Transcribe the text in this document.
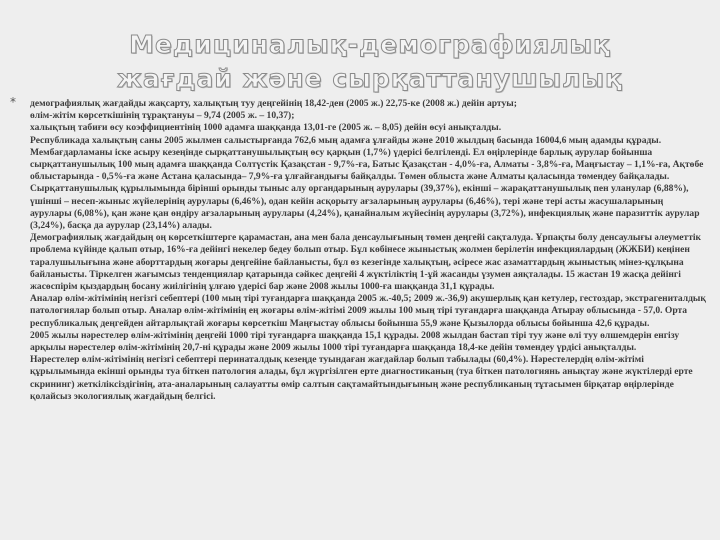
Медициналық-демографиялық
жағдай және сырқаттанушылық
* демографиялық жағдайды жақсарту, халықтың туу деңгейінің 18,42-ден (2005 ж.) 22,75-ке (2008 ж.) дейін артуы;

өлім-жітім көрсеткішінің тұрақтануы – 9,74 (2005 ж. – 10,37);

халықтың табиғи өсу коэффициентінің 1000 адамға шаққанда 13,01-ге (2005 ж. – 8,05) дейін өсуі анықталды.

Республикада халықтың саны 2005 жылмен салыстырғанда 762,6 мың адамға ұлғайды және 2010 жылдың басында 16004,6 мың адамды құрады.

Мембағдарламаны іске асыру кезеңінде сырқаттанушылықтың өсу қарқын (1,7%) үдерісі белгіленді. Ел өңірлерінде барлық аурулар бойынша сырқаттанушылық 100 мың адамға шаққанда Солтүстік Қазақстан - 9,7%-ға, Батыс Қазақстан - 4,0%-ға, Алматы - 3,8%-ға, Маңғыстау – 1,1%-ға, Ақтөбе облыстарында - 0,5%-ға және Астана қаласында– 7,9%-ға ұлғайғандығы байқалды. Төмен облыста және Алматы қаласында төмендеу байқалады.

Сырқаттанушылық құрылымында бірінші орынды тыныс алу органдарының аурулары (39,37%), екінші – жарақаттанушылық пен уланулар (6,88%), үшінші – несеп-жыныс жүйелерінің аурулары (6,46%), одан кейін асқорыту ағзаларының аурулары (6,46%), тері және тері асты жасушаларының аурулары (6,08%), қан және қан өндіру ағзаларының аурулары (4,24%), қанайналым жүйесінің аурулары (3,72%), инфекциялық және паразиттік аурулар (3,24%), басқа да аурулар (23,14%) алады.

Демографиялық жағдайдың оң көрсеткіштерге қарамастан, ана мен бала денсаулығының төмен деңгейі сақталуда. Ұрпақты болу денсаулығы әлеуметтік проблема күйінде қалып отыр, 16%-ға дейінгі некелер бедеу болып отыр. Бұл көбінесе жыныстық жолмен берілетін инфекциялардың (ЖЖБИ) кеңінен таралушылығына және аборттардың жоғары деңгейіне байланысты, бұл өз кезегінде халықтың, әсіресе жас азаматтардың жыныстық мінез-құлқына байланысты. Тіркелген жағымсыз тенденциялар қатарында сәйкес деңгейі 4 жүктіліктің 1-ұй жасанды үзумен аяқталады. 15 жастан 19 жасқа дейінгі жасөспірім қыздардың босану жиілігінің ұлғаю үдерісі бар және 2008 жылы 1000-ға шаққанда 31,1 құрады.

Аналар өлім-жітімінің негізгі себептері (100 мың тірі туғандарға шаққанда 2005 ж.-40,5; 2009 ж.-36,9) акушерлық қан кетулер, гестоздар, экстрагениталдық патологиялар болып отыр. Аналар өлім-жітімінің ең жоғары өлім-жітімі 2009 жылы 100 мың тірі туғандарға шаққанда Атырау облысында - 57,0. Орта республикалық деңгейден айтарлықтай жоғары көрсеткіш Маңғыстау облысы бойынша 55,9 және Қызылорда облысы бойынша 42,6 құрады.

2005 жылы нәрестелер өлім-жітімінің деңгейі 1000 тірі туғандарға шаққанда 15,1 құрады. 2008 жылдан бастап тірі туу және өлі туу өлшемдерін енгізу арқылы нәрестелер өлім-жітімінің 20,7-ні құрады және 2009 жылы 1000 тірі туғандарға шаққанда 18,4-ке дейін төмендеу үрдісі анықталды.

Нәрестелер өлім-жітімінің негізгі себептері перинаталдық кезеңде туындаған жағдайлар болып табылады (60,4%). Нәрестелердің өлім-жітімі құрылымында екінші орынды туа біткен патология алады, бұл жүргізілген ерте диагностиканың (туа біткен патологиянь анықтау және жүктілерді ерте скрининг) жеткіліксіздігінің, ата-аналарының салауатты өмір салтын сақтамайтындығының және республиканың тұтасымен бірқатар өңірлерінде қолайсыз экологиялық жағдайдың белгісі.
